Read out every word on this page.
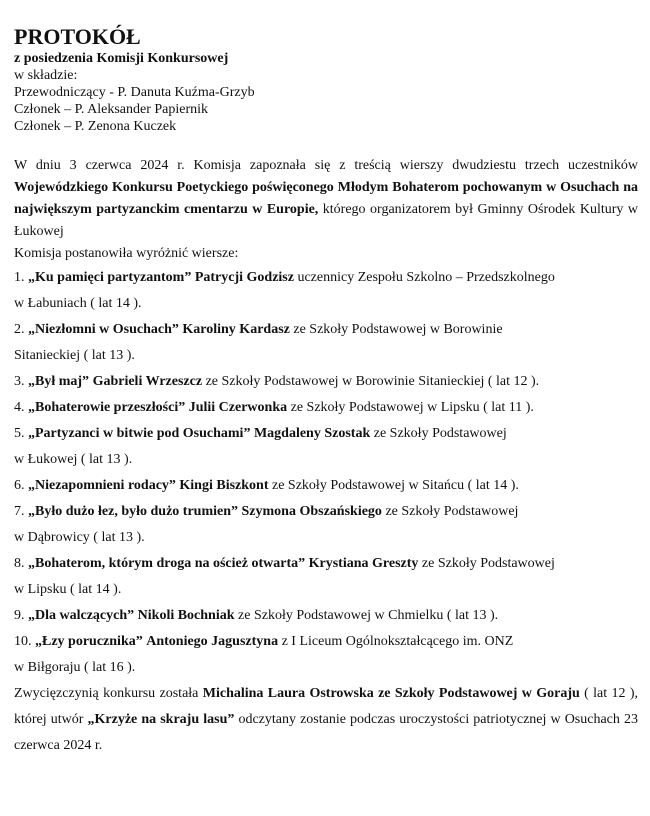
PROTOKÓŁ

z posiedzenia Komisji Konkursowej

w składzie:

Przewodniczący - P. Danuta Kuźma-Grzyb

Członek – P. Aleksander Papiernik

Członek – P. Zenona Kuczek

W dniu 3 czerwca 2024 r. Komisja zapoznała się z treścią wierszy dwudziestu trzech uczestników Wojewódzkiego Konkursu Poetyckiego poświęconego Młodym Bohaterom pochowanym w Osuchach na największym partyzanckim cmentarzu w Europie, którego organizatorem był Gminny Ośrodek Kultury w Łukowej

Komisja postanowiła wyróżnić wiersze:

1. „Ku pamięci partyzantom” Patrycji Godzisz uczennicy Zespołu Szkolno – Przedszkolnego
w Łabuniach ( lat 14 ).

2. „Niezłomni w Osuchach” Karoliny Kardasz ze Szkoły Podstawowej w Borowinie
Sitanieckiej ( lat 13 ).

3. „Był maj” Gabrieli Wrzeszcz ze Szkoły Podstawowej w Borowinie Sitanieckiej ( lat 12 ).

4. „Bohaterowie przeszłości” Julii Czerwonka ze Szkoły Podstawowej w Lipsku ( lat 11 ).

5. „Partyzanci w bitwie pod Osuchami” Magdaleny Szostak ze Szkoły Podstawowej
w Łukowej ( lat 13 ).

6. „Niezapomnieni rodacy” Kingi Biszkont ze Szkoły Podstawowej w Sitańcu ( lat 14 ).

7. „Było dużo łez, było dużo trumien” Szymona Obszańskiego ze Szkoły Podstawowej
w Dąbrowicy ( lat 13 ).

8. „Bohaterom, którym droga na oścież otwarta” Krystiana Greszty ze Szkoły Podstawowej
w Lipsku ( lat 14 ).

9. „Dla walczących” Nikoli Bochniak ze Szkoły Podstawowej w Chmielku ( lat 13 ).

10. „Łzy porucznika” Antoniego Jagusztyna z I Liceum Ogólnokształcącego im. ONZ
w Biłgoraju ( lat 16 ).

Zwycięzczynią konkursu została Michalina Laura Ostrowska ze Szkoły Podstawowej w Goraju ( lat 12 ), której utwór „Krzyże na skraju lasu” odczytany zostanie podczas uroczystości patriotycznej w Osuchach 23 czerwca 2024 r.
